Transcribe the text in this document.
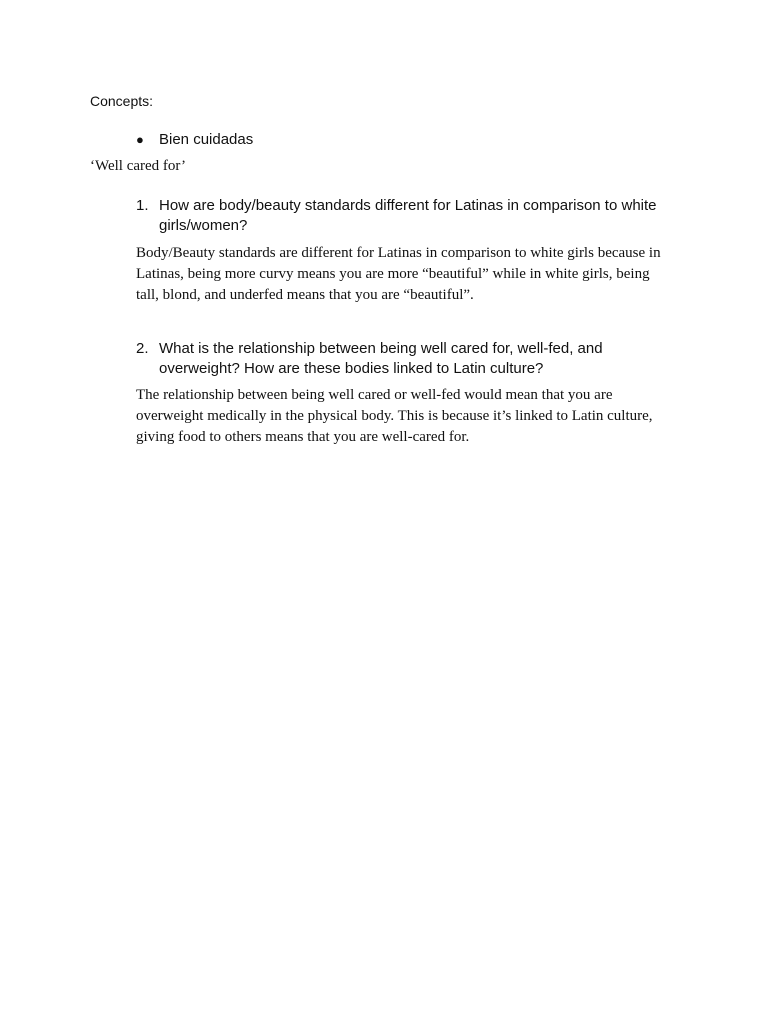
Concepts:
●	Bien cuidadas
‘Well cared for’
1. How are body/beauty standards different for Latinas in comparison to white girls/women?
Body/Beauty standards are different for Latinas in comparison to white girls because in Latinas, being more curvy means you are more “beautiful” while in white girls, being tall, blond, and underfed means that you are “beautiful”.
2. What is the relationship between being well cared for, well-fed, and overweight? How are these bodies linked to Latin culture?
The relationship between being well cared or well-fed would mean that you are overweight medically in the physical body. This is because it’s linked to Latin culture, giving food to others means that you are well-cared for.
